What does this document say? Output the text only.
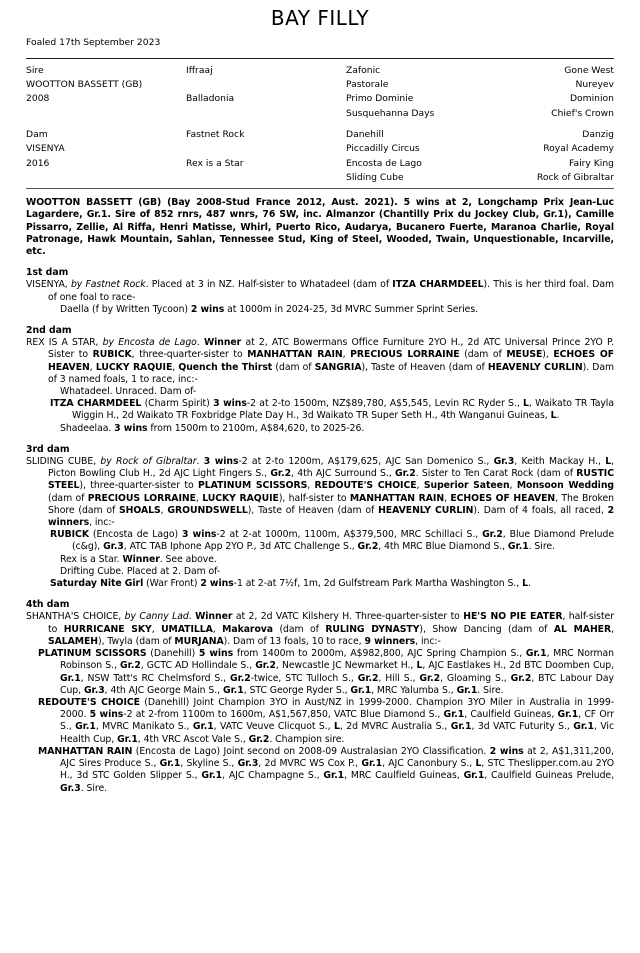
BAY FILLY
Foaled 17th September 2023
Sire	Iffraaj	Zafonic	Gone West
WOOTTON BASSETT (GB)		Pastorale	Nureyev
2008	Balladonia	Primo Dominie	Dominion
		Susquehanna Days	Chief's Crown

Dam	Fastnet Rock	Danehill	Danzig
VISENYA		Piccadilly Circus	Royal Academy
2016	Rex is a Star	Encosta de Lago	Fairy King
		Sliding Cube	Rock of Gibraltar
WOOTTON BASSETT (GB) (Bay 2008-Stud France 2012, Aust. 2021). 5 wins at 2, Longchamp Prix Jean-Luc Lagardere, Gr.1. Sire of 852 rnrs, 487 wnrs, 76 SW, inc. Almanzor (Chantilly Prix du Jockey Club, Gr.1), Camille Pissarro, Zellie, Al Riffa, Henri Matisse, Whirl, Puerto Rico, Audarya, Bucanero Fuerte, Maranoa Charlie, Royal Patronage, Hawk Mountain, Sahlan, Tennessee Stud, King of Steel, Wooded, Twain, Unquestionable, Incarville, etc.
1st dam
VISENYA, by Fastnet Rock. Placed at 3 in NZ. Half-sister to Whatadeel (dam of ITZA CHARMDEEL). This is her third foal. Dam of one foal to race-
Daella (f by Written Tycoon) 2 wins at 1000m in 2024-25, 3d MVRC Summer Sprint Series.
2nd dam
REX IS A STAR, by Encosta de Lago. Winner at 2, ATC Bowermans Office Furniture 2YO H., 2d ATC Universal Prince 2YO P. Sister to RUBICK, three-quarter-sister to MANHATTAN RAIN, PRECIOUS LORRAINE (dam of MEUSE), ECHOES OF HEAVEN, LUCKY RAQUIE, Quench the Thirst (dam of SANGRIA), Taste of Heaven (dam of HEAVENLY CURLIN). Dam of 3 named foals, 1 to race, inc:-
Whatadeel. Unraced. Dam of-
ITZA CHARMDEEL (Charm Spirit) 3 wins-2 at 2-to 1500m, NZ$89,780, A$5,545, Levin RC Ryder S., L, Waikato TR Tayla Wiggin H., 2d Waikato TR Foxbridge Plate Day H., 3d Waikato TR Super Seth H., 4th Wanganui Guineas, L.
Shadeelaa. 3 wins from 1500m to 2100m, A$84,620, to 2025-26.
3rd dam
SLIDING CUBE, by Rock of Gibraltar. 3 wins-2 at 2-to 1200m, A$179,625, AJC San Domenico S., Gr.3, Keith Mackay H., L, Picton Bowling Club H., 2d AJC Light Fingers S., Gr.2, 4th AJC Surround S., Gr.2. Sister to Ten Carat Rock (dam of RUSTIC STEEL), three-quarter-sister to PLATINUM SCISSORS, REDOUTE'S CHOICE, Superior Sateen, Monsoon Wedding (dam of PRECIOUS LORRAINE, LUCKY RAQUIE), half-sister to MANHATTAN RAIN, ECHOES OF HEAVEN, The Broken Shore (dam of SHOALS, GROUNDSWELL), Taste of Heaven (dam of HEAVENLY CURLIN). Dam of 4 foals, all raced, 2 winners, inc:-
RUBICK (Encosta de Lago) 3 wins-2 at 2-at 1000m, 1100m, A$379,500, MRC Schillaci S., Gr.2, Blue Diamond Prelude (c&g), Gr.3, ATC TAB Iphone App 2YO P., 3d ATC Challenge S., Gr.2, 4th MRC Blue Diamond S., Gr.1. Sire.
Rex is a Star. Winner. See above.
Drifting Cube. Placed at 2. Dam of-
Saturday Nite Girl (War Front) 2 wins-1 at 2-at 7½f, 1m, 2d Gulfstream Park Martha Washington S., L.
4th dam
SHANTHA'S CHOICE, by Canny Lad. Winner at 2, 2d VATC Kilshery H. Three-quarter-sister to HE'S NO PIE EATER, half-sister to HURRICANE SKY, UMATILLA, Makarova (dam of RULING DYNASTY), Show Dancing (dam of AL MAHER, SALAMEH), Twyla (dam of MURJANA). Dam of 13 foals, 10 to race, 9 winners, inc:-
PLATINUM SCISSORS (Danehill) 5 wins from 1400m to 2000m, A$982,800, AJC Spring Champion S., Gr.1, MRC Norman Robinson S., Gr.2, GCTC AD Hollindale S., Gr.2, Newcastle JC Newmarket H., L, AJC Eastlakes H., 2d BTC Doomben Cup, Gr.1, NSW Tatt's RC Chelmsford S., Gr.2-twice, STC Tulloch S., Gr.2, Hill S., Gr.2, Gloaming S., Gr.2, BTC Labour Day Cup, Gr.3, 4th AJC George Main S., Gr.1, STC George Ryder S., Gr.1, MRC Yalumba S., Gr.1. Sire.
REDOUTE'S CHOICE (Danehill) Joint Champion 3YO in Aust/NZ in 1999-2000. Champion 3YO Miler in Australia in 1999-2000. 5 wins-2 at 2-from 1100m to 1600m, A$1,567,850, VATC Blue Diamond S., Gr.1, Caulfield Guineas, Gr.1, CF Orr S., Gr.1, MVRC Manikato S., Gr.1, VATC Veuve Clicquot S., L, 2d MVRC Australia S., Gr.1, 3d VATC Futurity S., Gr.1, Vic Health Cup, Gr.1, 4th VRC Ascot Vale S., Gr.2. Champion sire.
MANHATTAN RAIN (Encosta de Lago) Joint second on 2008-09 Australasian 2YO Classification. 2 wins at 2, A$1,311,200, AJC Sires Produce S., Gr.1, Skyline S., Gr.3, 2d MVRC WS Cox P., Gr.1, AJC Canonbury S., L, STC Theslipper.com.au 2YO H., 3d STC Golden Slipper S., Gr.1, AJC Champagne S., Gr.1, MRC Caulfield Guineas, Gr.1, Caulfield Guineas Prelude, Gr.3. Sire.
